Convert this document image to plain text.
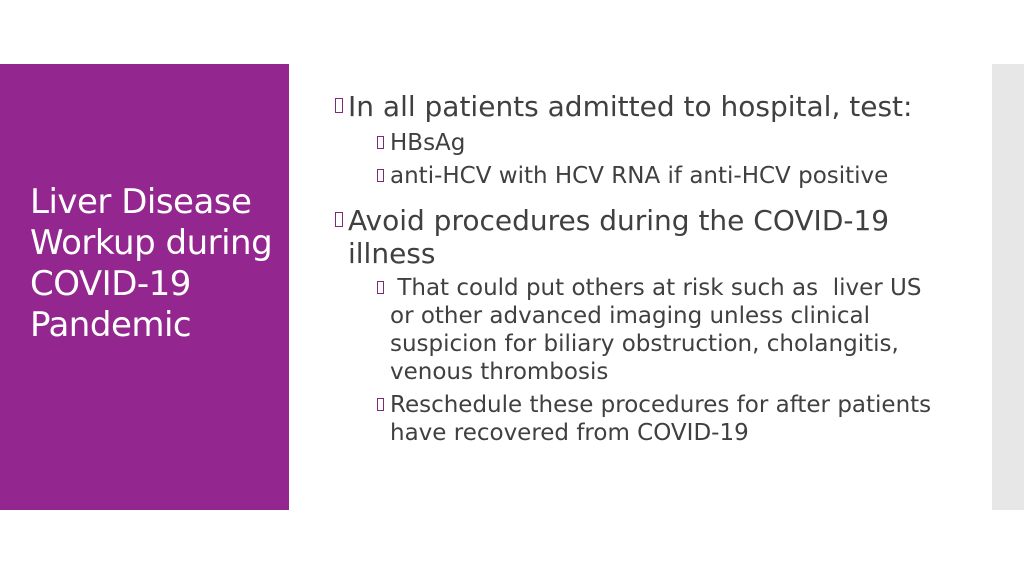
Liver Disease Workup during COVID-19 Pandemic
In all patients admitted to hospital, test:
HBsAg
anti-HCV with HCV RNA if anti-HCV positive
Avoid procedures during the COVID-19 illness
That could put others at risk such as  liver US or other advanced imaging unless clinical suspicion for biliary obstruction, cholangitis, venous thrombosis
Reschedule these procedures for after patients have recovered from COVID-19
